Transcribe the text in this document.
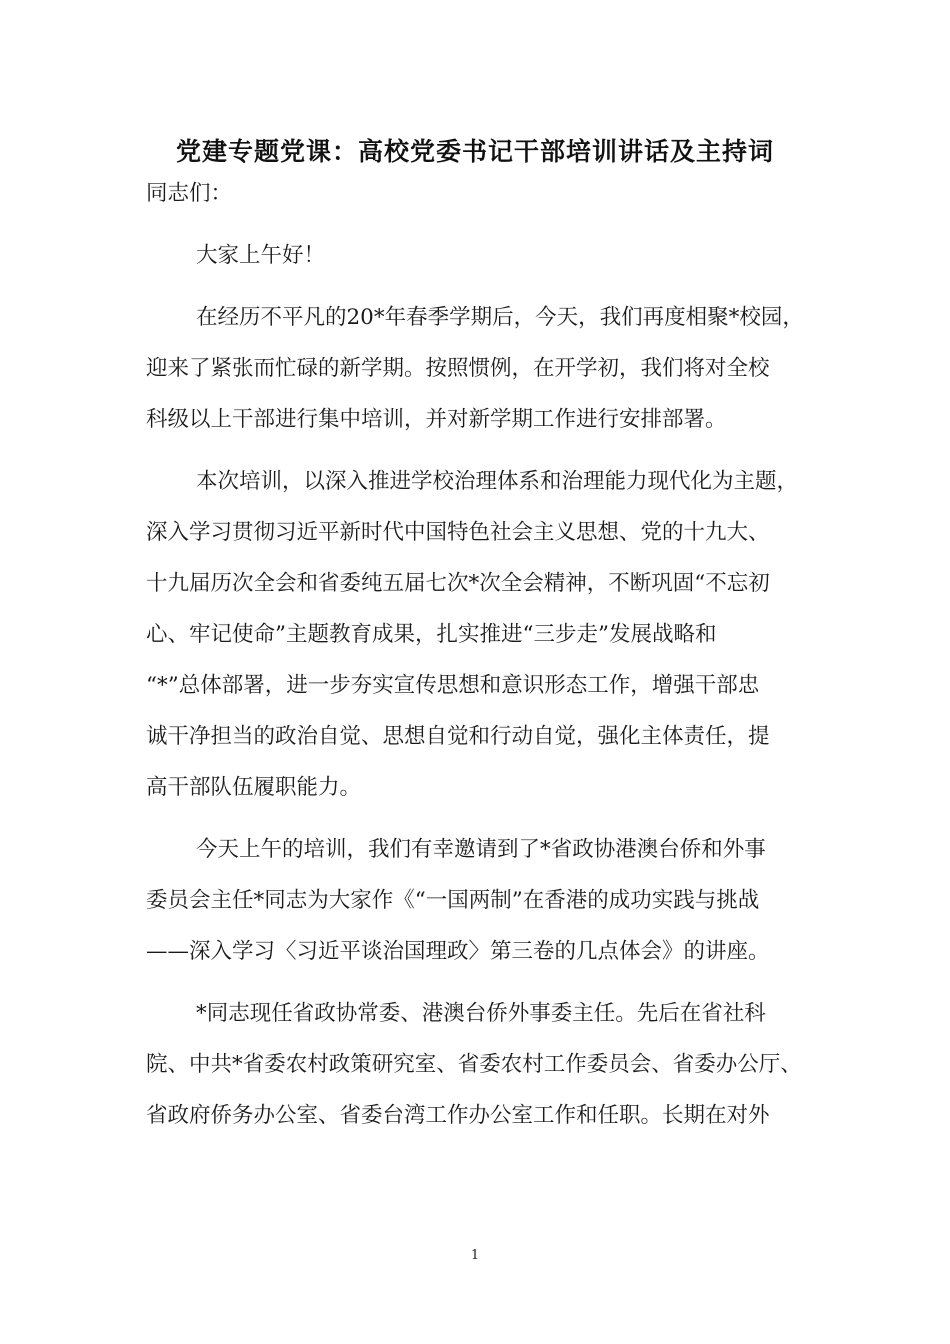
党建专题党课：高校党委书记干部培训讲话及主持词

同志们：

大家上午好！

在经历不平凡的20*年春季学期后，今天，我们再度相聚*校园，
迎来了紧张而忙碌的新学期。按照惯例，在开学初，我们将对全校
科级以上干部进行集中培训，并对新学期工作进行安排部署。

本次培训，以深入推进学校治理体系和治理能力现代化为主题，
深入学习贯彻习近平新时代中国特色社会主义思想、党的十九大、
十九届历次全会和省委纯五届七次*次全会精神，不断巩固“不忘初
心、牢记使命”主题教育成果，扎实推进“三步走”发展战略和
“*”总体部署，进一步夯实宣传思想和意识形态工作，增强干部忠
诚干净担当的政治自觉、思想自觉和行动自觉，强化主体责任，提
高干部队伍履职能力。

今天上午的培训，我们有幸邀请到了*省政协港澳台侨和外事
委员会主任*同志为大家作《“一国两制”在香港的成功实践与挑战
——深入学习〈习近平谈治国理政〉第三卷的几点体会》的讲座。

*同志现任省政协常委、港澳台侨外事委主任。先后在省社科
院、中共*省委农村政策研究室、省委农村工作委员会、省委办公厅、
省政府侨务办公室、省委台湾工作办公室工作和任职。长期在对外

1
